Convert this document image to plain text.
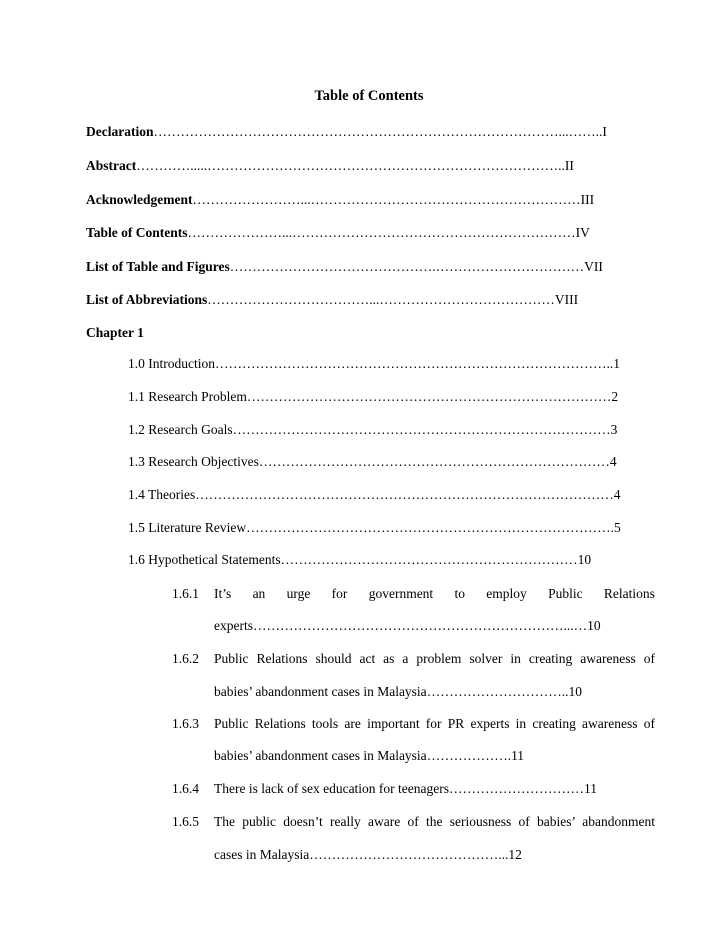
Table of Contents
Declaration………………………………………………………………………………...……..I
Abstract………….....……………………………………………………………………..II
Acknowledgement……………………...……………………………………………………III
Table of Contents…………………...………………………………………………………IV
List of Table and Figures……………………………………….……………………………VII
List of Abbreviations………………………………...…………………………………VIII
Chapter 1
1.0 Introduction……………………………………………………………………………..1
1.1 Research Problem………………………………………………………………………2
1.2 Research Goals…………………………………………………………………………3
1.3 Research Objectives……………………………………………………………………4
1.4 Theories…………………………………………………………………………………4
1.5 Literature Review……………………………………………………………………….5
1.6 Hypothetical Statements…………………………………………………………10
1.6.1 It’s an urge for government to employ Public Relations
experts……………………………………………………………...…10
1.6.2 Public Relations should act as a problem solver in creating awareness of
babies’ abandonment cases in Malaysia…………………………..10
1.6.3 Public Relations tools are important for PR experts in creating awareness of
babies’ abandonment cases in Malaysia……………….11
1.6.4 There is lack of sex education for teenagers…………………………11
1.6.5 The public doesn’t really aware of the seriousness of babies’ abandonment
cases in Malaysia……………………………………...12
